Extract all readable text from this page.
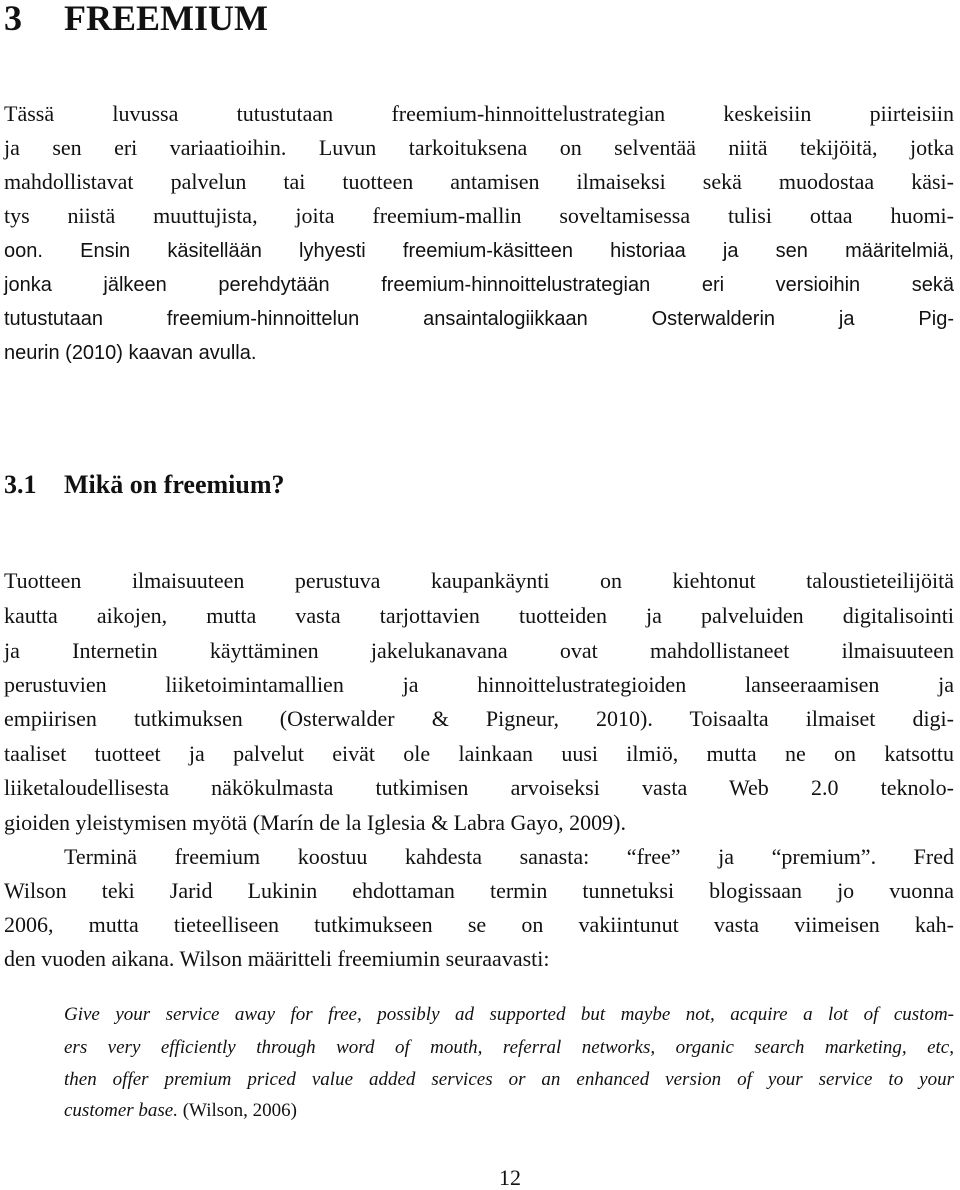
3 FREEMIUM

Tässä luvussa tutustutaan freemium-hinnoittelustrategian keskeisiin piirteisiin

ja sen eri variaatioihin. Luvun tarkoituksena on selventää niitä tekijöitä, jotka

mahdollistavat palvelun tai tuotteen antamisen ilmaiseksi sekä muodostaa käsi-

tys niistä muuttujista, joita freemium-mallin soveltamisessa tulisi ottaa huomi-

oon. Ensin käsitellään lyhyesti freemium-käsitteen historiaa ja sen määritelmiä,

jonka jälkeen perehdytään freemium-hinnoittelustrategian eri versioihin sekä

tutustutaan freemium-hinnoittelun ansaintalogiikkaan Osterwalderin ja Pig-

neurin (2010) kaavan avulla.

3.1 Mikä on freemium?

Tuotteen ilmaisuuteen perustuva kaupankäynti on kiehtonut taloustieteilijöitä

kautta aikojen, mutta vasta tarjottavien tuotteiden ja palveluiden digitalisointi

ja Internetin käyttäminen jakelukanavana ovat mahdollistaneet ilmaisuuteen

perustuvien liiketoimintamallien ja hinnoittelustrategioiden lanseeraamisen ja

empiirisen tutkimuksen (Osterwalder & Pigneur, 2010). Toisaalta ilmaiset digi-

taaliset tuotteet ja palvelut eivät ole lainkaan uusi ilmiö, mutta ne on katsottu

liiketaloudellisesta näkökulmasta tutkimisen arvoiseksi vasta Web 2.0 teknolo-

gioiden yleistymisen myötä (Marín de la Iglesia & Labra Gayo, 2009).

Terminä freemium koostuu kahdesta sanasta: “free” ja “premium”. Fred

Wilson teki Jarid Lukinin ehdottaman termin tunnetuksi blogissaan jo vuonna

2006, mutta tieteelliseen tutkimukseen se on vakiintunut vasta viimeisen kah-

den vuoden aikana. Wilson määritteli freemiumin seuraavasti:

Give your service away for free, possibly ad supported but maybe not, acquire a lot of custom-

ers very efficiently through word of mouth, referral networks, organic search marketing, etc,

then offer premium priced value added services or an enhanced version of your service to your

customer base. (Wilson, 2006)

12
